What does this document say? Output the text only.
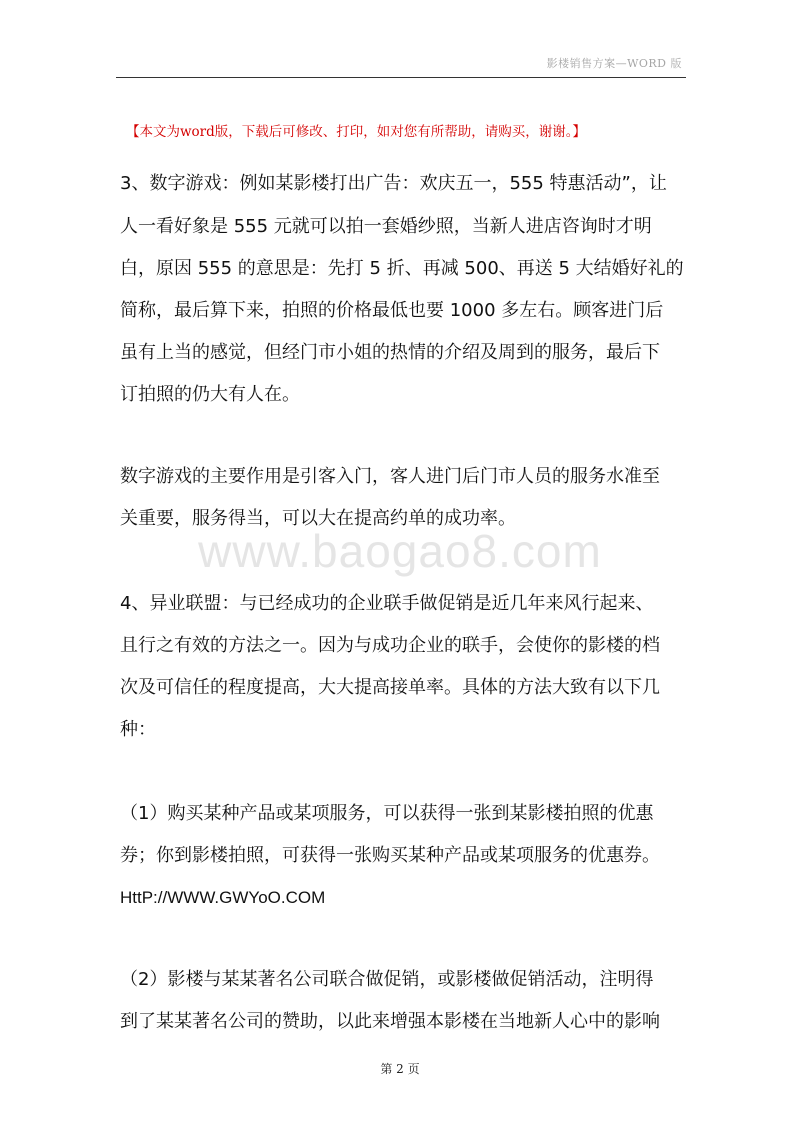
影楼销售方案—WORD 版
【本文为word版，下载后可修改、打印，如对您有所帮助，请购买，谢谢。】
www.baogao8.com
3、数字游戏：例如某影楼打出广告：欢庆五一，555 特惠活动”，让
人一看好象是 555 元就可以拍一套婚纱照，当新人进店咨询时才明
白，原因 555 的意思是：先打 5 折、再减 500、再送 5 大结婚好礼的
简称，最后算下来，拍照的价格最低也要 1000 多左右。顾客进门后
虽有上当的感觉，但经门市小姐的热情的介绍及周到的服务，最后下
订拍照的仍大有人在。
数字游戏的主要作用是引客入门，客人进门后门市人员的服务水准至
关重要，服务得当，可以大在提高约单的成功率。
4、异业联盟：与已经成功的企业联手做促销是近几年来风行起来、
且行之有效的方法之一。因为与成功企业的联手，会使你的影楼的档
次及可信任的程度提高，大大提高接单率。具体的方法大致有以下几
种：
（1）购买某种产品或某项服务，可以获得一张到某影楼拍照的优惠
券；你到影楼拍照，可获得一张购买某种产品或某项服务的优惠券。
HttP://WWW.GWYoO.COM
（2）影楼与某某著名公司联合做促销，或影楼做促销活动，注明得
到了某某著名公司的赞助，以此来增强本影楼在当地新人心中的影响
第 2 页
